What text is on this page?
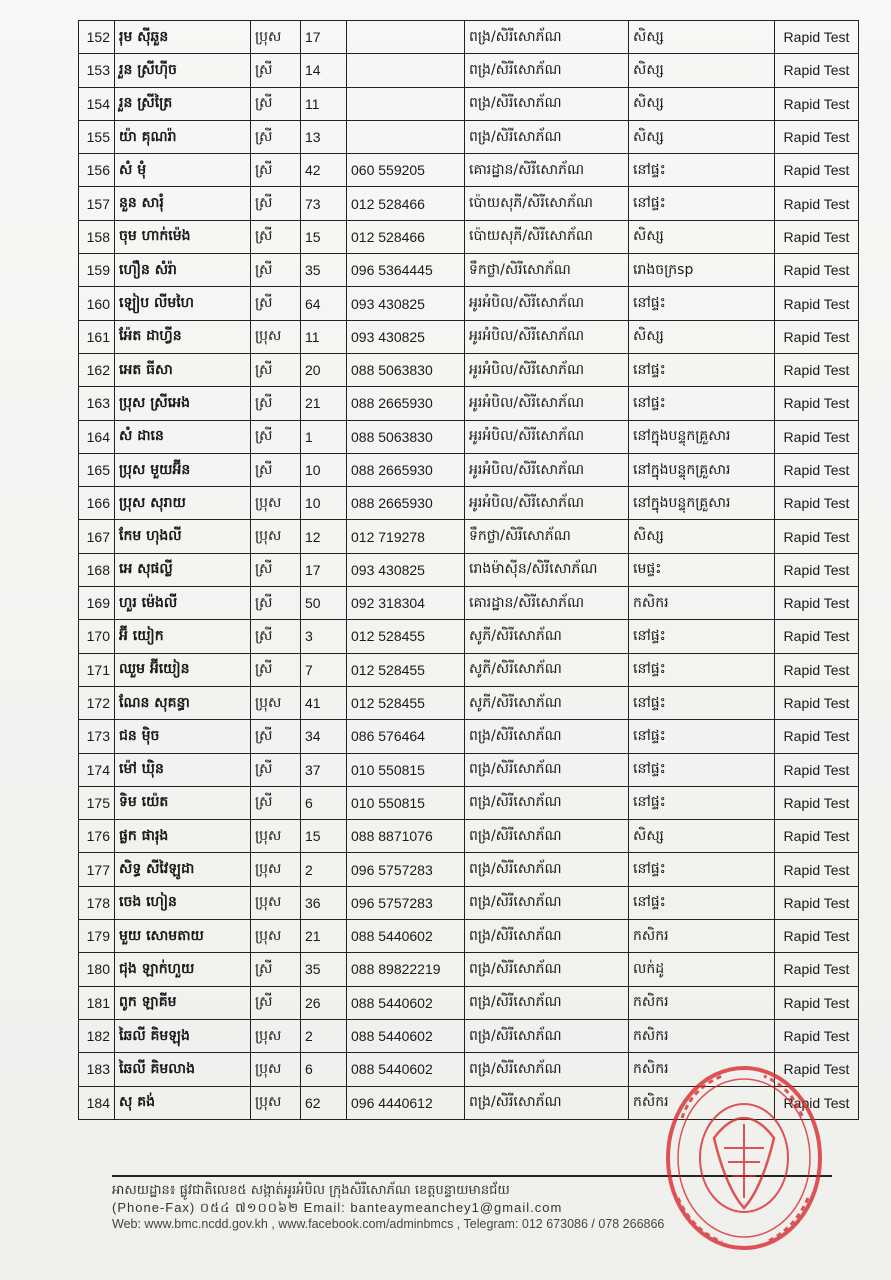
152	រុម ស៊ីឆួន	ប្រុស	17		ពង្រ/សិរីសោភ័ណ	សិស្ស	Rapid Test
153	រួន ស្រីហ៊ីច	ស្រី	14		ពង្រ/សិរីសោភ័ណ	សិស្ស	Rapid Test
154	រួន ស្រីត្រៃ	ស្រី	11		ពង្រ/សិរីសោភ័ណ	សិស្ស	Rapid Test
155	យ៉ា គុណរ៉ា	ស្រី	13		ពង្រ/សិរីសោភ័ណ	សិស្ស	Rapid Test
156	សំ មុំ	ស្រី	42	060 559205	គោរដ្ឋាន/សិរីសោភ័ណ	នៅផ្ទះ	Rapid Test
157	នួន សារុំ	ស្រី	73	012 528466	ប៉ោយសុភី/សិរីសោភ័ណ	នៅផ្ទះ	Rapid Test
158	ចុម ហាក់ម៉េង	ស្រី	15	012 528466	ប៉ោយសុភី/សិរីសោភ័ណ	សិស្ស	Rapid Test
159	ហឿន សំរ៉ា	ស្រី	35	096 5364445	ទឹកថ្លា/សិរីសោភ័ណ	រោងចក្រsp	Rapid Test
160	ឡៀប លីមហៃ	ស្រី	64	093 430825	អូរអំបិល/សិរីសោភ័ណ	នៅផ្ទះ	Rapid Test
161	អ៉ែត ដាហ្វីន	ប្រុស	11	093 430825	អូរអំបិល/សិរីសោភ័ណ	សិស្ស	Rapid Test
162	អេត ធីសា	ស្រី	20	088 5063830	អូរអំបិល/សិរីសោភ័ណ	នៅផ្ទះ	Rapid Test
163	ប្រុស ស្រីអេង	ស្រី	21	088 2665930	អូរអំបិល/សិរីសោភ័ណ	នៅផ្ទះ	Rapid Test
164	សំ ដានេ	ស្រី	1	088 5063830	អូរអំបិល/សិរីសោភ័ណ	នៅក្នុងបន្ទុកគ្រួសារ	Rapid Test
165	ប្រុស មួយអ៊ីន	ស្រី	10	088 2665930	អូរអំបិល/សិរីសោភ័ណ	នៅក្នុងបន្ទុកគ្រួសារ	Rapid Test
166	ប្រុស សុរាយ	ប្រុស	10	088 2665930	អូរអំបិល/សិរីសោភ័ណ	នៅក្នុងបន្ទុកគ្រួសារ	Rapid Test
167	កែម ហុងលី	ប្រុស	12	012 719278	ទឹកថ្លា/សិរីសោភ័ណ	សិស្ស	Rapid Test
168	អេ សុផល្លី	ស្រី	17	093 430825	រោងម៉ាស៊ីន/សិរីសោភ័ណ	មេផ្ទះ	Rapid Test
169	ហួរ ម៉េងលី	ស្រី	50	092 318304	គោរដ្ឋាន/សិរីសោភ័ណ	កសិករ	Rapid Test
170	អ៊ី យៀក	ស្រី	3	012 528455	សូភី/សិរីសោភ័ណ	នៅផ្ទះ	Rapid Test
171	ឈួម អ៊ីយៀន	ស្រី	7	012 528455	សូភី/សិរីសោភ័ណ	នៅផ្ទះ	Rapid Test
172	ណែន សុគន្ធា	ប្រុស	41	012 528455	សូភី/សិរីសោភ័ណ	នៅផ្ទះ	Rapid Test
173	ជន ម៉ិច	ស្រី	34	086 576464	ពង្រ/សិរីសោភ័ណ	នៅផ្ទះ	Rapid Test
174	ម៉ៅ ឃុិន	ស្រី	37	010 550815	ពង្រ/សិរីសោភ័ណ	នៅផ្ទះ	Rapid Test
175	ទិម យ៉េត	ស្រី	6	010 550815	ពង្រ/សិរីសោភ័ណ	នៅផ្ទះ	Rapid Test
176	ផ្លក ផារុង	ប្រុស	15	088 8871076	ពង្រ/សិរីសោភ័ណ	សិស្ស	Rapid Test
177	សិទ្ធ សីវៃឡូដា	ប្រុស	2	096 5757283	ពង្រ/សិរីសោភ័ណ	នៅផ្ទះ	Rapid Test
178	ចេង ហៀន	ប្រុស	36	096 5757283	ពង្រ/សិរីសោភ័ណ	នៅផ្ទះ	Rapid Test
179	មួយ សោមតាយ	ប្រុស	21	088 5440602	ពង្រ/សិរីសោភ័ណ	កសិករ	Rapid Test
180	ជុង ឡាក់ហួយ	ស្រី	35	088 89822219	ពង្រ/សិរីសោភ័ណ	លក់ដូ	Rapid Test
181	ពូក ឡាគីម	ស្រី	26	088 5440602	ពង្រ/សិរីសោភ័ណ	កសិករ	Rapid Test
182	ឆៃលី គិមឡុង	ប្រុស	2	088 5440602	ពង្រ/សិរីសោភ័ណ	កសិករ	Rapid Test
183	ឆៃលី គិមលាង	ប្រុស	6	088 5440602	ពង្រ/សិរីសោភ័ណ	កសិករ	Rapid Test
184	សុ គង់	ប្រុស	62	096 4440612	ពង្រ/សិរីសោភ័ណ	កសិករ	Rapid Test
អាសយដ្ឋាន៖ ផ្លូវជាតិលេខ៥ សង្កាត់អូរអំបិល ក្រុងសិរីសោភ័ណ ខេត្តបន្ទាយមានជ័យ
(Phone-Fax) ០៥៤ ៧១០០៦២ Email: banteaymeanchey1@gmail.com
Web: www.bmc.ncdd.gov.kh , www.facebook.com/adminbmcs , Telegram: 012 673086 / 078 266866
